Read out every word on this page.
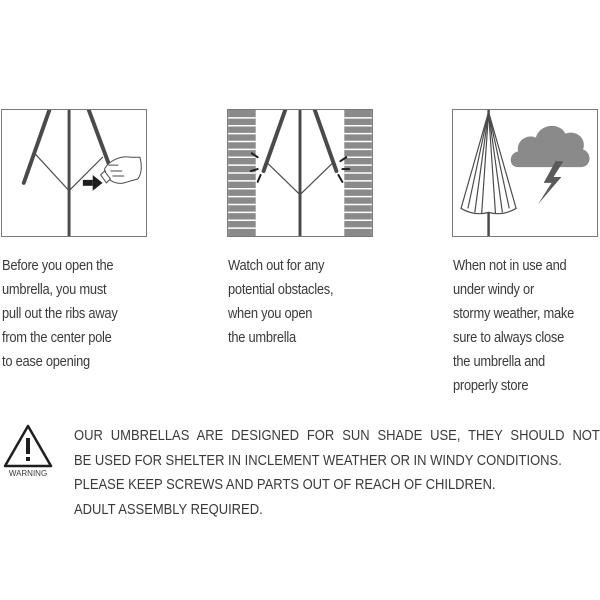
Before you open the
umbrella, you must
pull out the ribs away
from the center pole
to ease opening
Watch out for any
potential obstacles,
when you open
the umbrella
When not in use and
under windy or
stormy weather, make
sure to always close
the umbrella and
properly store
WARNING
OUR UMBRELLAS ARE DESIGNED FOR SUN SHADE USE, THEY SHOULD NOT
BE USED FOR SHELTER IN INCLEMENT WEATHER OR IN WINDY CONDITIONS.
PLEASE KEEP SCREWS AND PARTS OUT OF REACH OF CHILDREN.
ADULT ASSEMBLY REQUIRED.
